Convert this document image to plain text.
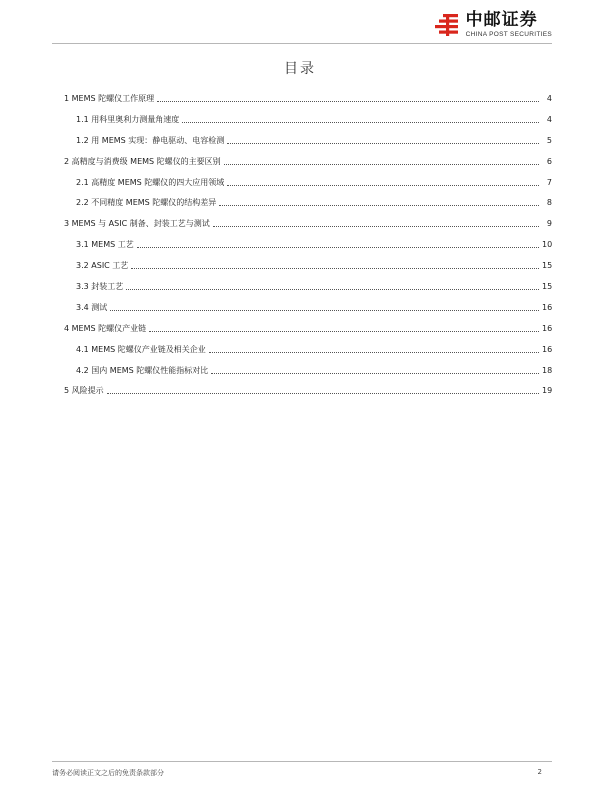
中邮证券
CHINA POST SECURITIES
目录
1 MEMS 陀螺仪工作原理	4
1.1 用科里奥利力测量角速度	4
1.2 用 MEMS 实现：静电驱动、电容检测	5
2 高精度与消费级 MEMS 陀螺仪的主要区别	6
2.1 高精度 MEMS 陀螺仪的四大应用领域	7
2.2 不同精度 MEMS 陀螺仪的结构差异	8
3 MEMS 与 ASIC 制备、封装工艺与测试	9
3.1 MEMS 工艺	10
3.2 ASIC 工艺	15
3.3 封装工艺	15
3.4 测试	16
4 MEMS 陀螺仪产业链	16
4.1 MEMS 陀螺仪产业链及相关企业	16
4.2 国内 MEMS 陀螺仪性能指标对比	18
5 风险提示	19
请务必阅读正文之后的免责条款部分	2
